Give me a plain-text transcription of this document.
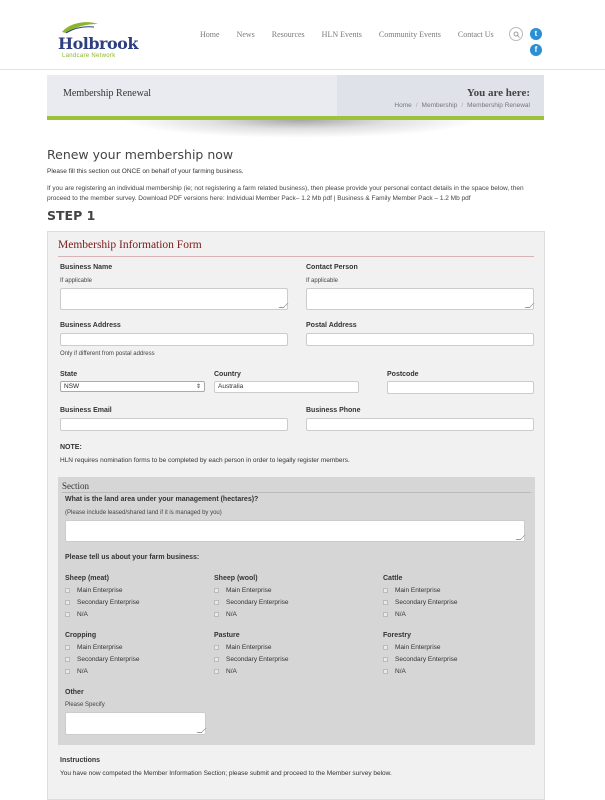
Holbrook
Landcare Network
Home News Resources HLN Events Community Events Contact Us	t
f
Membership Renewal	You are here:
Home / Membership / Membership Renewal
Renew your membership now
Please fill this section out ONCE on behalf of your farming business.
If you are registering an individual membership (ie; not registering a farm related business), then please provide your personal contact details in the space below, then proceed to the member survey. Download PDF versions here: Individual Member Pack– 1.2 Mb pdf | Business & Family Member Pack – 1.2 Mb pdf
STEP 1
Membership Information Form
Business Name
If applicable
Contact Person
If applicable
Business Address
Only if different from postal address
Postal Address
State
NSW	⇕
Country
Australia
Postcode
Business Email	Business Phone
NOTE:
HLN requires nomination forms to be completed by each person in order to legally register members.
Section
What is the land area under your management (hectares)?
(Please include leased/shared land if it is managed by you)
Please tell us about your farm business:
Sheep (meat)
Main Enterprise
Secondary Enterprise
N/A
Sheep (wool)
Main Enterprise
Secondary Enterprise
N/A
Cattle
Main Enterprise
Secondary Enterprise
N/A
Cropping
Main Enterprise
Secondary Enterprise
N/A
Pasture
Main Enterprise
Secondary Enterprise
N/A
Forestry
Main Enterprise
Secondary Enterprise
N/A
Other
Please Specify
Instructions
You have now competed the Member Information Section; please submit and proceed to the Member survey below.
